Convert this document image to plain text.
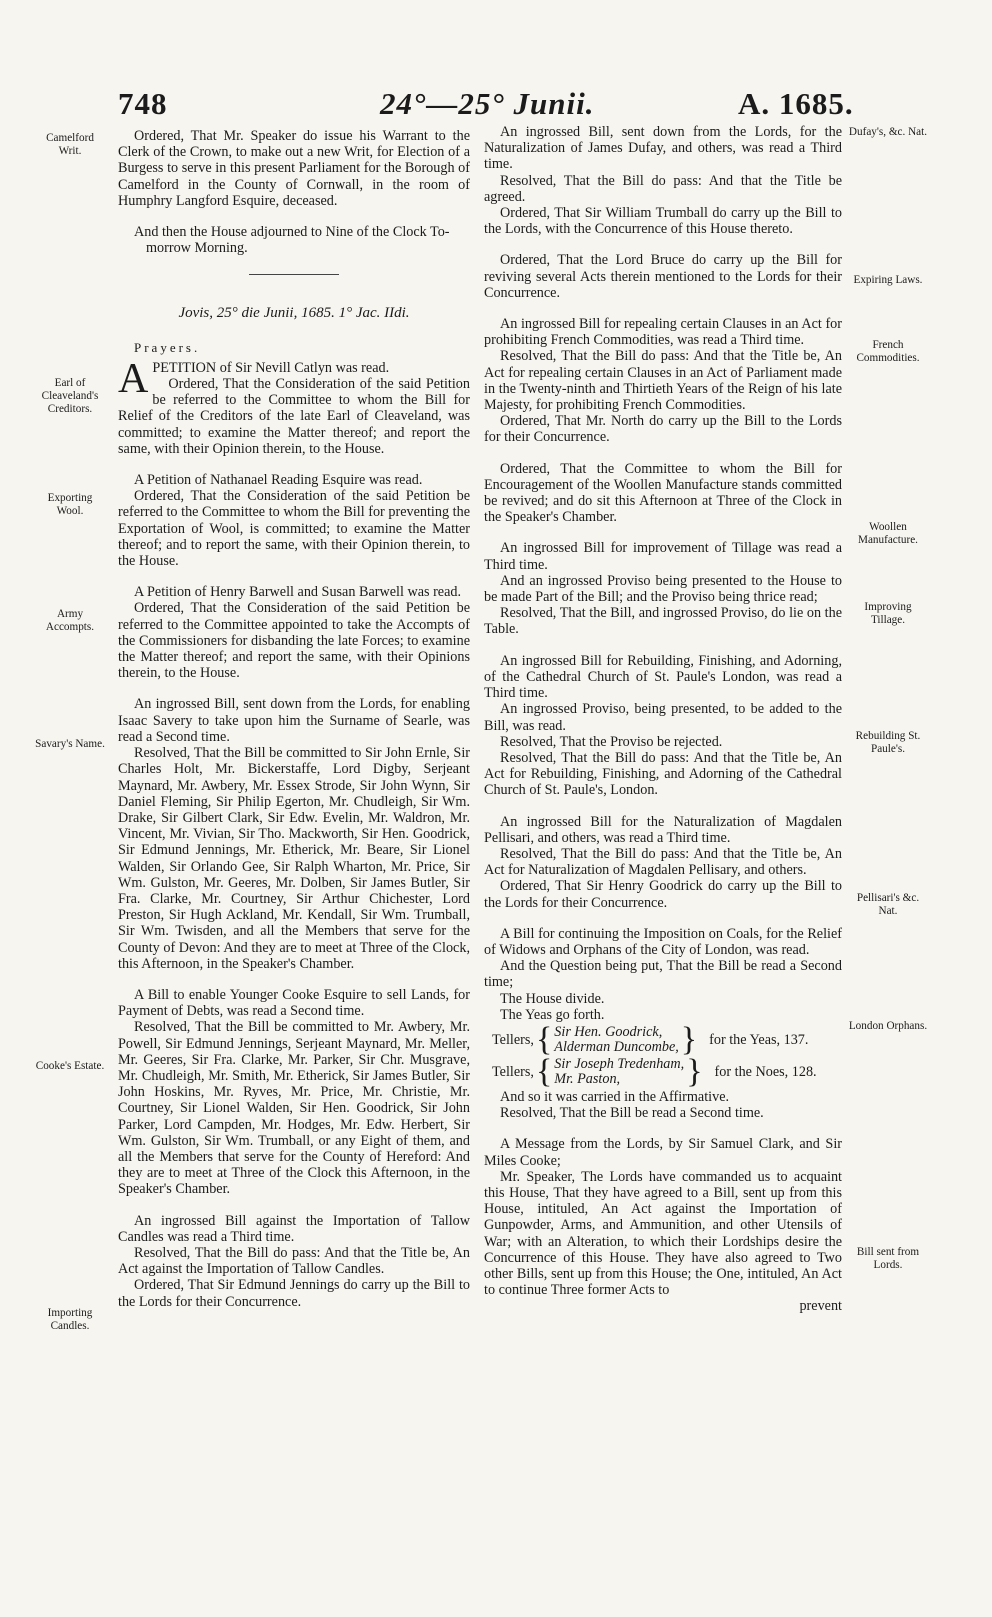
748	24°—25° Junii.	A. 1685.
Camelford Writ.
Earl of Cleaveland's Creditors.
Exporting Wool.
Army Accompts.
Savary's Name.
Cooke's Estate.
Importing Candles.
Dufay's, &c. Nat.
Expiring Laws.
French Commodities.
Woollen Manufacture.
Improving Tillage.
Rebuilding St. Paule's.
Pellisari's &c. Nat.
London Orphans.
Bill sent from Lords.

Ordered, That Mr. Speaker do issue his Warrant to the Clerk of the Crown, to make out a new Writ, for Election of a Burgess to serve in this present Parliament for the Borough of Camelford in the County of Cornwall, in the room of Humphry Langford Esquire, deceased.

And then the House adjourned to Nine of the Clock To-morrow Morning.

Jovis, 25° die Junii, 1685. 1° Jac. IIdi.

Prayers.

APETITION of Sir Nevill Catlyn was read.

Ordered, That the Consideration of the said Petition be referred to the Committee to whom the Bill for Relief of the Creditors of the late Earl of Cleaveland, was committed; to examine the Matter thereof; and report the same, with their Opinion therein, to the House.

A Petition of Nathanael Reading Esquire was read.

Ordered, That the Consideration of the said Petition be referred to the Committee to whom the Bill for preventing the Exportation of Wool, is committed; to examine the Matter thereof; and to report the same, with their Opinion therein, to the House.

A Petition of Henry Barwell and Susan Barwell was read.

Ordered, That the Consideration of the said Petition be referred to the Committee appointed to take the Accompts of the Commissioners for disbanding the late Forces; to examine the Matter thereof; and report the same, with their Opinions therein, to the House.

An ingrossed Bill, sent down from the Lords, for enabling Isaac Savery to take upon him the Surname of Searle, was read a Second time.

Resolved, That the Bill be committed to Sir John Ernle, Sir Charles Holt, Mr. Bickerstaffe, Lord Digby, Serjeant Maynard, Mr. Awbery, Mr. Essex Strode, Sir John Wynn, Sir Daniel Fleming, Sir Philip Egerton, Mr. Chudleigh, Sir Wm. Drake, Sir Gilbert Clark, Sir Edw. Evelin, Mr. Waldron, Mr. Vincent, Mr. Vivian, Sir Tho. Mackworth, Sir Hen. Goodrick, Sir Edmund Jennings, Mr. Etherick, Mr. Beare, Sir Lionel Walden, Sir Orlando Gee, Sir Ralph Wharton, Mr. Price, Sir Wm. Gulston, Mr. Geeres, Mr. Dolben, Sir James Butler, Sir Fra. Clarke, Mr. Courtney, Sir Arthur Chichester, Lord Preston, Sir Hugh Ackland, Mr. Kendall, Sir Wm. Trumball, Sir Wm. Twisden, and all the Members that serve for the County of Devon: And they are to meet at Three of the Clock, this Afternoon, in the Speaker's Chamber.

A Bill to enable Younger Cooke Esquire to sell Lands, for Payment of Debts, was read a Second time.

Resolved, That the Bill be committed to Mr. Awbery, Mr. Powell, Sir Edmund Jennings, Serjeant Maynard, Mr. Meller, Mr. Geeres, Sir Fra. Clarke, Mr. Parker, Sir Chr. Musgrave, Mr. Chudleigh, Mr. Smith, Mr. Etherick, Sir James Butler, Sir John Hoskins, Mr. Ryves, Mr. Price, Mr. Christie, Mr. Courtney, Sir Lionel Walden, Sir Hen. Goodrick, Sir John Parker, Lord Campden, Mr. Hodges, Mr. Edw. Herbert, Sir Wm. Gulston, Sir Wm. Trumball, or any Eight of them, and all the Members that serve for the County of Hereford: And they are to meet at Three of the Clock this Afternoon, in the Speaker's Chamber.

An ingrossed Bill against the Importation of Tallow Candles was read a Third time.

Resolved, That the Bill do pass: And that the Title be, An Act against the Importation of Tallow Candles.

Ordered, That Sir Edmund Jennings do carry up the Bill to the Lords for their Concurrence.

An ingrossed Bill, sent down from the Lords, for the Naturalization of James Dufay, and others, was read a Third time.

Resolved, That the Bill do pass: And that the Title be agreed.

Ordered, That Sir William Trumball do carry up the Bill to the Lords, with the Concurrence of this House thereto.

Ordered, That the Lord Bruce do carry up the Bill for reviving several Acts therein mentioned to the Lords for their Concurrence.

An ingrossed Bill for repealing certain Clauses in an Act for prohibiting French Commodities, was read a Third time.

Resolved, That the Bill do pass: And that the Title be, An Act for repealing certain Clauses in an Act of Parliament made in the Twenty-ninth and Thirtieth Years of the Reign of his late Majesty, for prohibiting French Commodities.

Ordered, That Mr. North do carry up the Bill to the Lords for their Concurrence.

Ordered, That the Committee to whom the Bill for Encouragement of the Woollen Manufacture stands committed be revived; and do sit this Afternoon at Three of the Clock in the Speaker's Chamber.

An ingrossed Bill for improvement of Tillage was read a Third time.

And an ingrossed Proviso being presented to the House to be made Part of the Bill; and the Proviso being thrice read;

Resolved, That the Bill, and ingrossed Proviso, do lie on the Table.

An ingrossed Bill for Rebuilding, Finishing, and Adorning, of the Cathedral Church of St. Paule's London, was read a Third time.

An ingrossed Proviso, being presented, to be added to the Bill, was read.

Resolved, That the Proviso be rejected.

Resolved, That the Bill do pass: And that the Title be, An Act for Rebuilding, Finishing, and Adorning of the Cathedral Church of St. Paule's, London.

An ingrossed Bill for the Naturalization of Magdalen Pellisari, and others, was read a Third time.

Resolved, That the Bill do pass: And that the Title be, An Act for Naturalization of Magdalen Pellisary, and others.

Ordered, That Sir Henry Goodrick do carry up the Bill to the Lords for their Concurrence.

A Bill for continuing the Imposition on Coals, for the Relief of Widows and Orphans of the City of London, was read.

And the Question being put, That the Bill be read a Second time;

The House divide.

The Yeas go forth.

Tellers, { Sir Hen. Goodrick,
Alderman Duncombe, } for the Yeas, 137.
Tellers, { Sir Joseph Tredenham,
Mr. Paston,	} for the Noes, 128.

And so it was carried in the Affirmative.

Resolved, That the Bill be read a Second time.

A Message from the Lords, by Sir Samuel Clark, and Sir Miles Cooke;

Mr. Speaker, The Lords have commanded us to acquaint this House, That they have agreed to a Bill, sent up from this House, intituled, An Act against the Importation of Gunpowder, Arms, and Ammunition, and other Utensils of War; with an Alteration, to which their Lordships desire the Concurrence of this House. They have also agreed to Two other Bills, sent up from this House; the One, intituled, An Act to continue Three former Acts to

prevent
